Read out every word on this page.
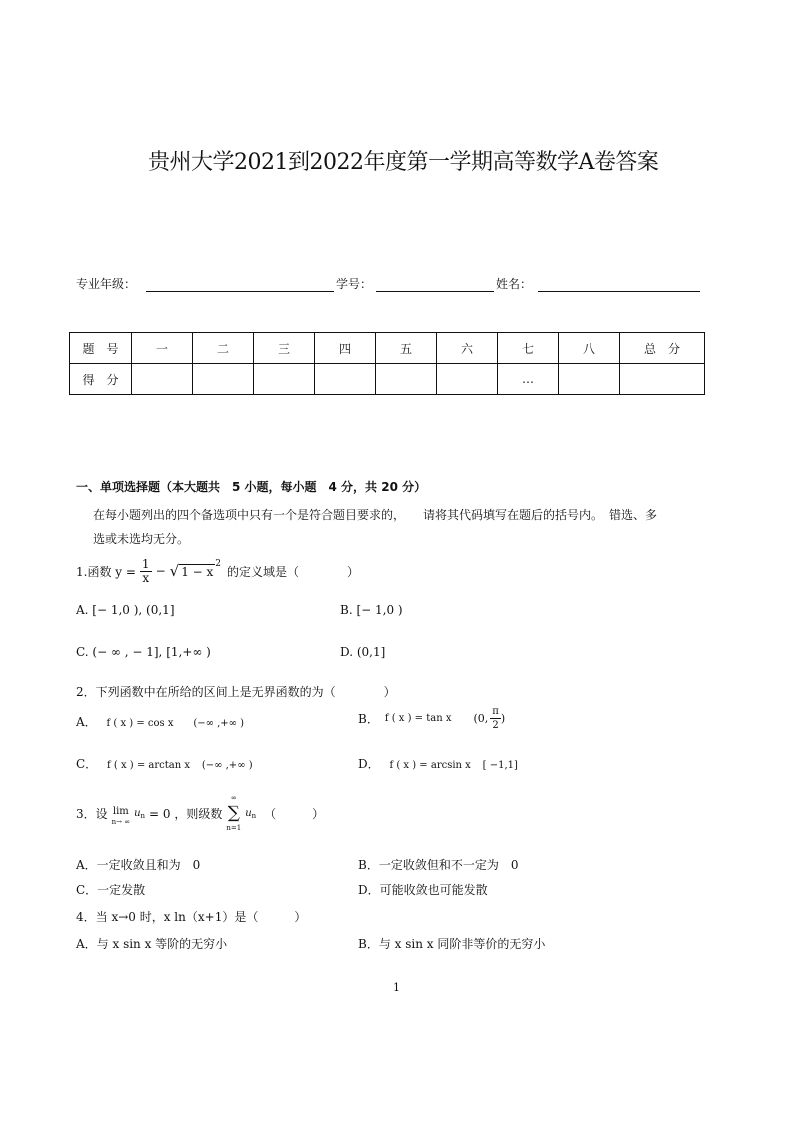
贵州大学2021到2022年度第一学期高等数学A卷答案
专业年级：	学号：	姓名：
题　号	一	二	三	四	五	六	七	八	总　分
得　分							…		
一、单项选择题（本大题共　5 小题，每小题　4 分，共 20 分）
在每小题列出的四个备选项中只有一个是符合题目要求的，　　请将其代码填写在题后的括号内。　错选、多
选或未选均无分。
1.函数 $y = \frac{1}{x}$ − √ 1 − x
2
的定义域是（　　　　）
A. [− 1,0 ), (0,1]	B. [− 1,0 )
C. (− ∞ , − 1], [1,+∞ )	D. (0,1]
2．下列函数中在所给的区间上是无界函数的为（　　　　）
A． f ( x ) = cos x (−∞ ,+∞ )	B． f ( x ) = tan x (0, $\frac{\pi}{2}$ )
C． f ( x ) = arctan x (−∞ ,+∞ )	D． f ( x ) = arcsin x [ −1,1]
3．设 lim
n→ ∞
u n = 0 ，则级数
∞
∑
n=1
u n （　　　）
A．一定收敛且和为　0	B．一定收敛但和不一定为　0
C．一定发散	D．可能收敛也可能发散
4．当 x→0 时，x ln（x+1）是（　　　）
A．与 x sin x 等阶的无穷小	B．与 x sin x 同阶非等价的无穷小
1
